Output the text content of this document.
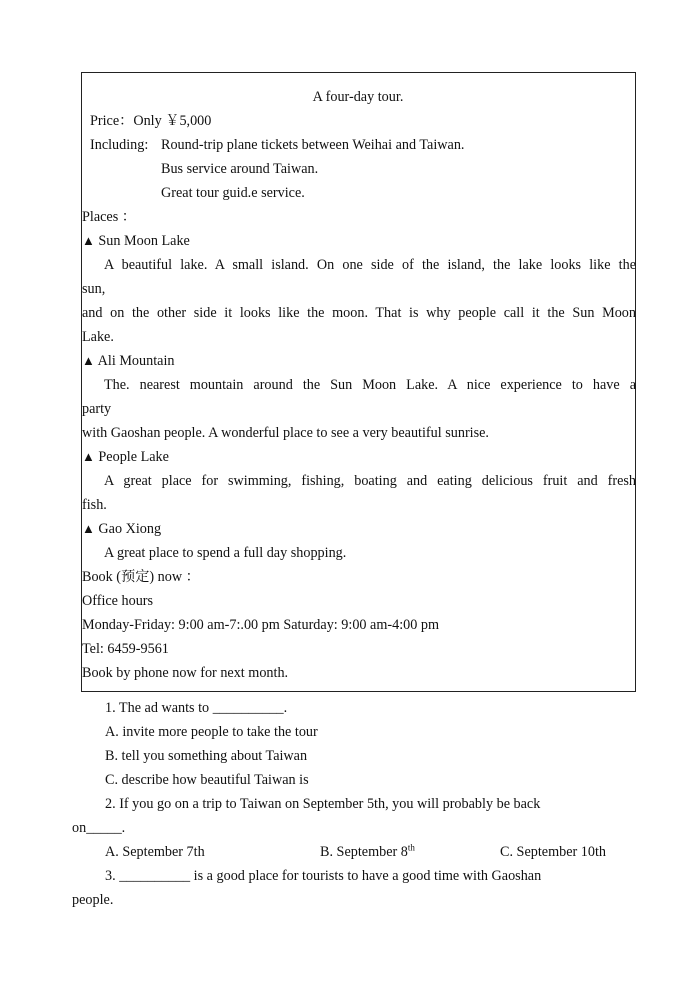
A four-day tour.
Price：Only ￥5,000
Including: Round-trip plane tickets between Weihai and Taiwan.
Bus service around Taiwan.
Great tour guid.e service.
Places ：
▲ Sun Moon Lake
A beautiful lake. A small island. On one side of the island, the lake looks like the
sun,
and on the other side it looks like the moon. That is why people call it the Sun Moon
Lake.
▲ Ali Mountain
The. nearest mountain around the Sun Moon Lake. A nice experience to have a
party
with Gaoshan people. A wonderful place to see a very beautiful sunrise.
▲ People Lake
A great place for swimming, fishing, boating and eating delicious fruit and fresh
fish.
▲ Gao Xiong
A great place to spend a full day shopping.
Book (预定) now ：
Office hours
Monday-Friday: 9:00 am-7:.00 pm Saturday: 9:00 am-4:00 pm
Tel: 6459-9561
Book by phone now for next month.
1. The ad wants to __________.
A. invite more people to take the tour
B. tell you something about Taiwan
C. describe how beautiful Taiwan is
2. If you go on a trip to Taiwan on September 5th, you will probably be back
on_____.
A. September 7th	B. September 8th	C. September 10th
3. __________ is a good place for tourists to have a good time with Gaoshan
people.
